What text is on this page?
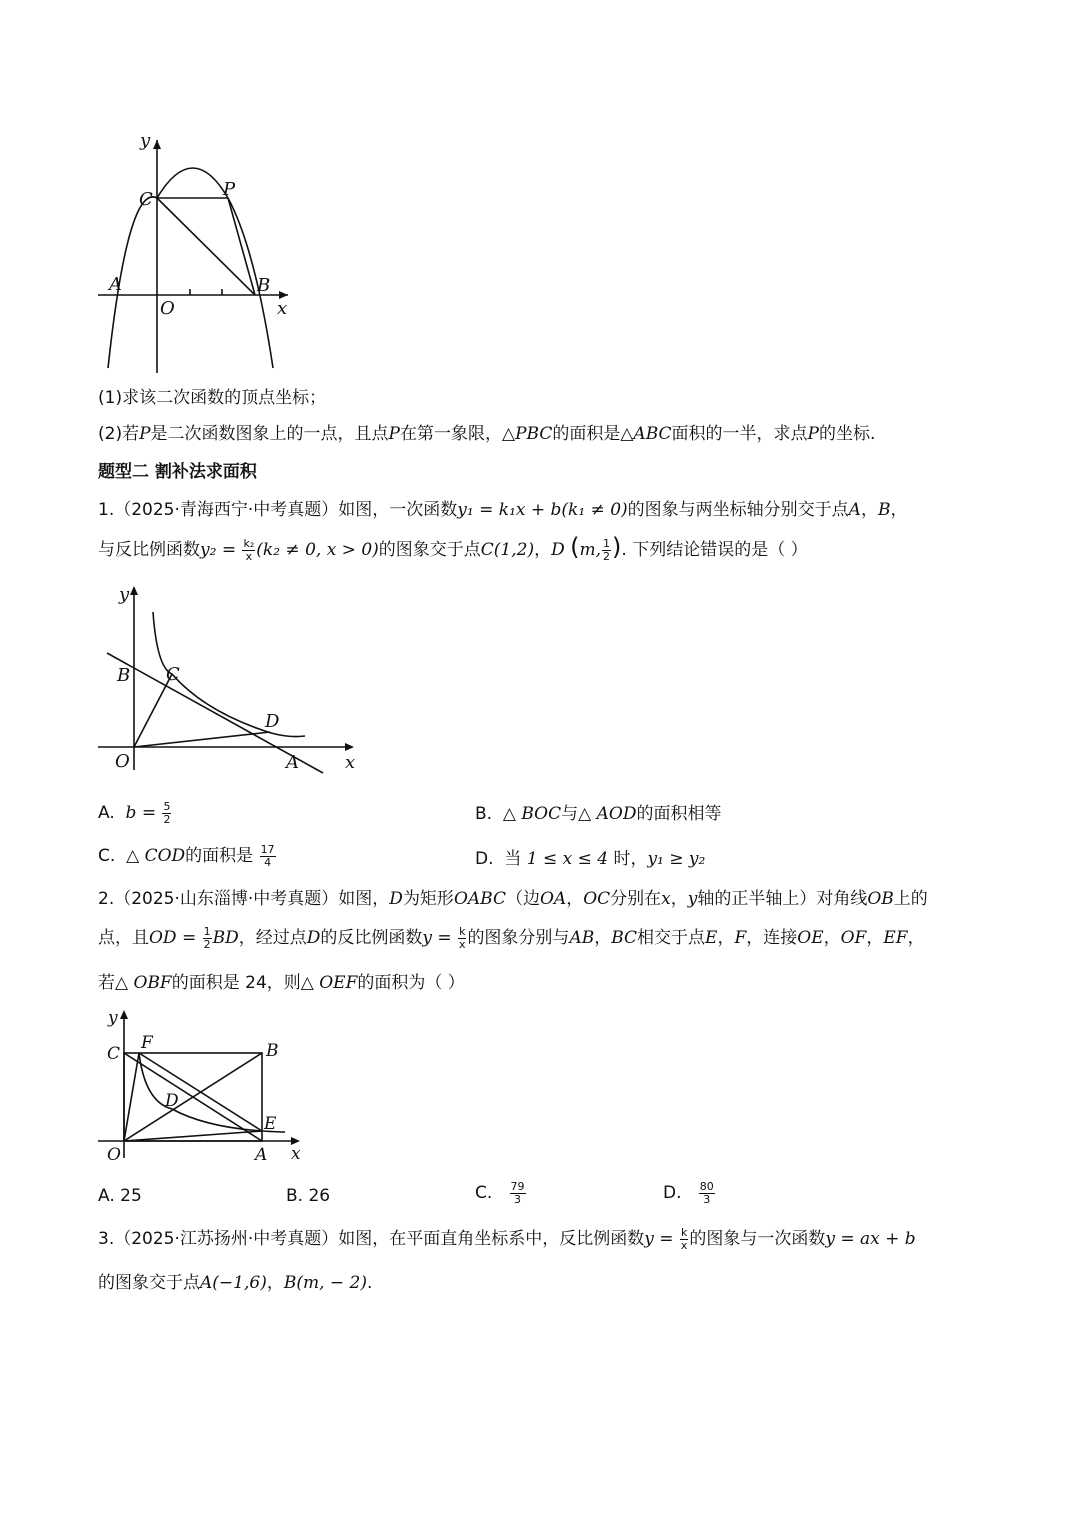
y
C	P
A
O
B
x
(1)求该二次函数的顶点坐标；
(2)若P是二次函数图象上的一点，且点P在第一象限，△PBC的面积是△ABC面积的一半，求点P的坐标.
题型二 割补法求面积
1.（2025·青海西宁·中考真题）如图，一次函数y₁ = k₁x + b(k₁ ≠ 0)的图象与两坐标轴分别交于点A，B，
与反比例函数$y_2 = \frac{\text{k₂}}{x} (k_2 \ne 0$, x > 0)的图象交于点C(1,2)，D (m, $\frac{1}{2}$ ). 下列结论错误的是（ ）
y
B C
D
O	A	x
A. $b = \frac{5}{2}$	B. △ BOC与△ AOD的面积相等
C. △ COD的面积是 $\frac{17}{4}$	D. 当 1 ≤ x ≤ 4 时，y₁ ≥ y₂
2.（2025·山东淄博·中考真题）如图，D为矩形OABC（边OA，OC分别在x，y轴的正半轴上）对角线OB上的
点，且OD = $\frac{1}{2}$ BD，经过点D的反比例函数$y = \frac{k}{x}$ 的图象分别与AB，BC相交于点E，F，连接OE，OF，EF，
若△ OBF的面积是 24，则△ OEF的面积为（ ）
y
C
F	B
D
E
O	A x
A. 25	B. 26	C. $\frac{79}{3}$	D. $\frac{80}{3}$
3.（2025·江苏扬州·中考真题）如图，在平面直角坐标系中，反比例函数$y = \frac{k}{x}$ 的图象与一次函数y = ax + b
的图象交于点A(−1,6)，B(m, − 2).
